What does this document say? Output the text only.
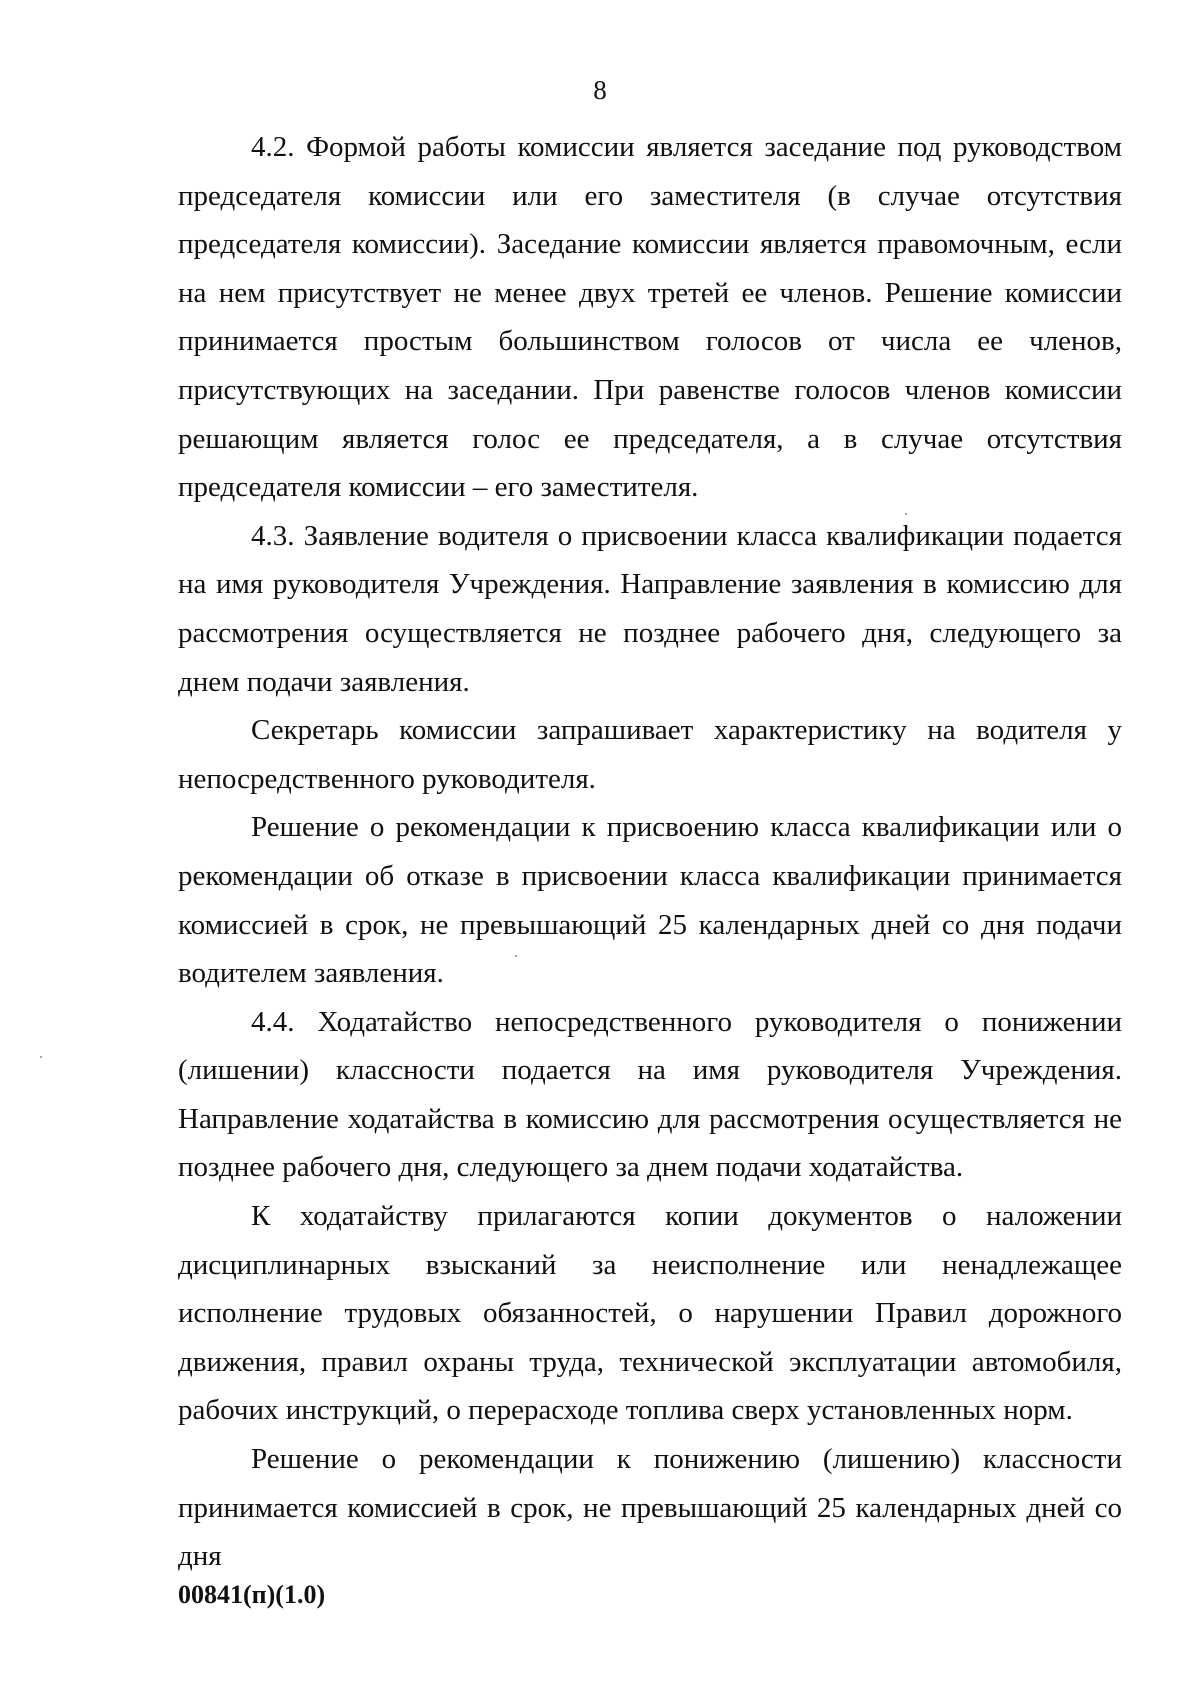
8

4.2. Формой работы комиссии является заседание под руководством председателя комиссии или его заместителя (в случае отсутствия председателя комиссии). Заседание комиссии является правомочным, если на нем присутствует не менее двух третей ее членов. Решение комиссии принимается простым большинством голосов от числа ее членов, присутствующих на заседании. При равенстве голосов членов комиссии решающим является голос ее председателя, а в случае отсутствия председателя комиссии – его заместителя.

4.3. Заявление водителя о присвоении класса квалификации подается на имя руководителя Учреждения. Направление заявления в комиссию для рассмотрения осуществляется не позднее рабочего дня, следующего за днем подачи заявления.

Секретарь комиссии запрашивает характеристику на водителя у непосредственного руководителя.

Решение о рекомендации к присвоению класса квалификации или о рекомендации об отказе в присвоении класса квалификации принимается комиссией в срок, не превышающий 25 календарных дней со дня подачи водителем заявления.

4.4. Ходатайство непосредственного руководителя о понижении (лишении) классности подается на имя руководителя Учреждения. Направление ходатайства в комиссию для рассмотрения осуществляется не позднее рабочего дня, следующего за днем подачи ходатайства.

К ходатайству прилагаются копии документов о наложении дисциплинарных взысканий за неисполнение или ненадлежащее исполнение трудовых обязанностей, о нарушении Правил дорожного движения, правил охраны труда, технической эксплуатации автомобиля, рабочих инструкций, о перерасходе топлива сверх установленных норм.

Решение о рекомендации к понижению (лишению) классности принимается комиссией в срок, не превышающий 25 календарных дней со дня

00841(п)(1.0)
